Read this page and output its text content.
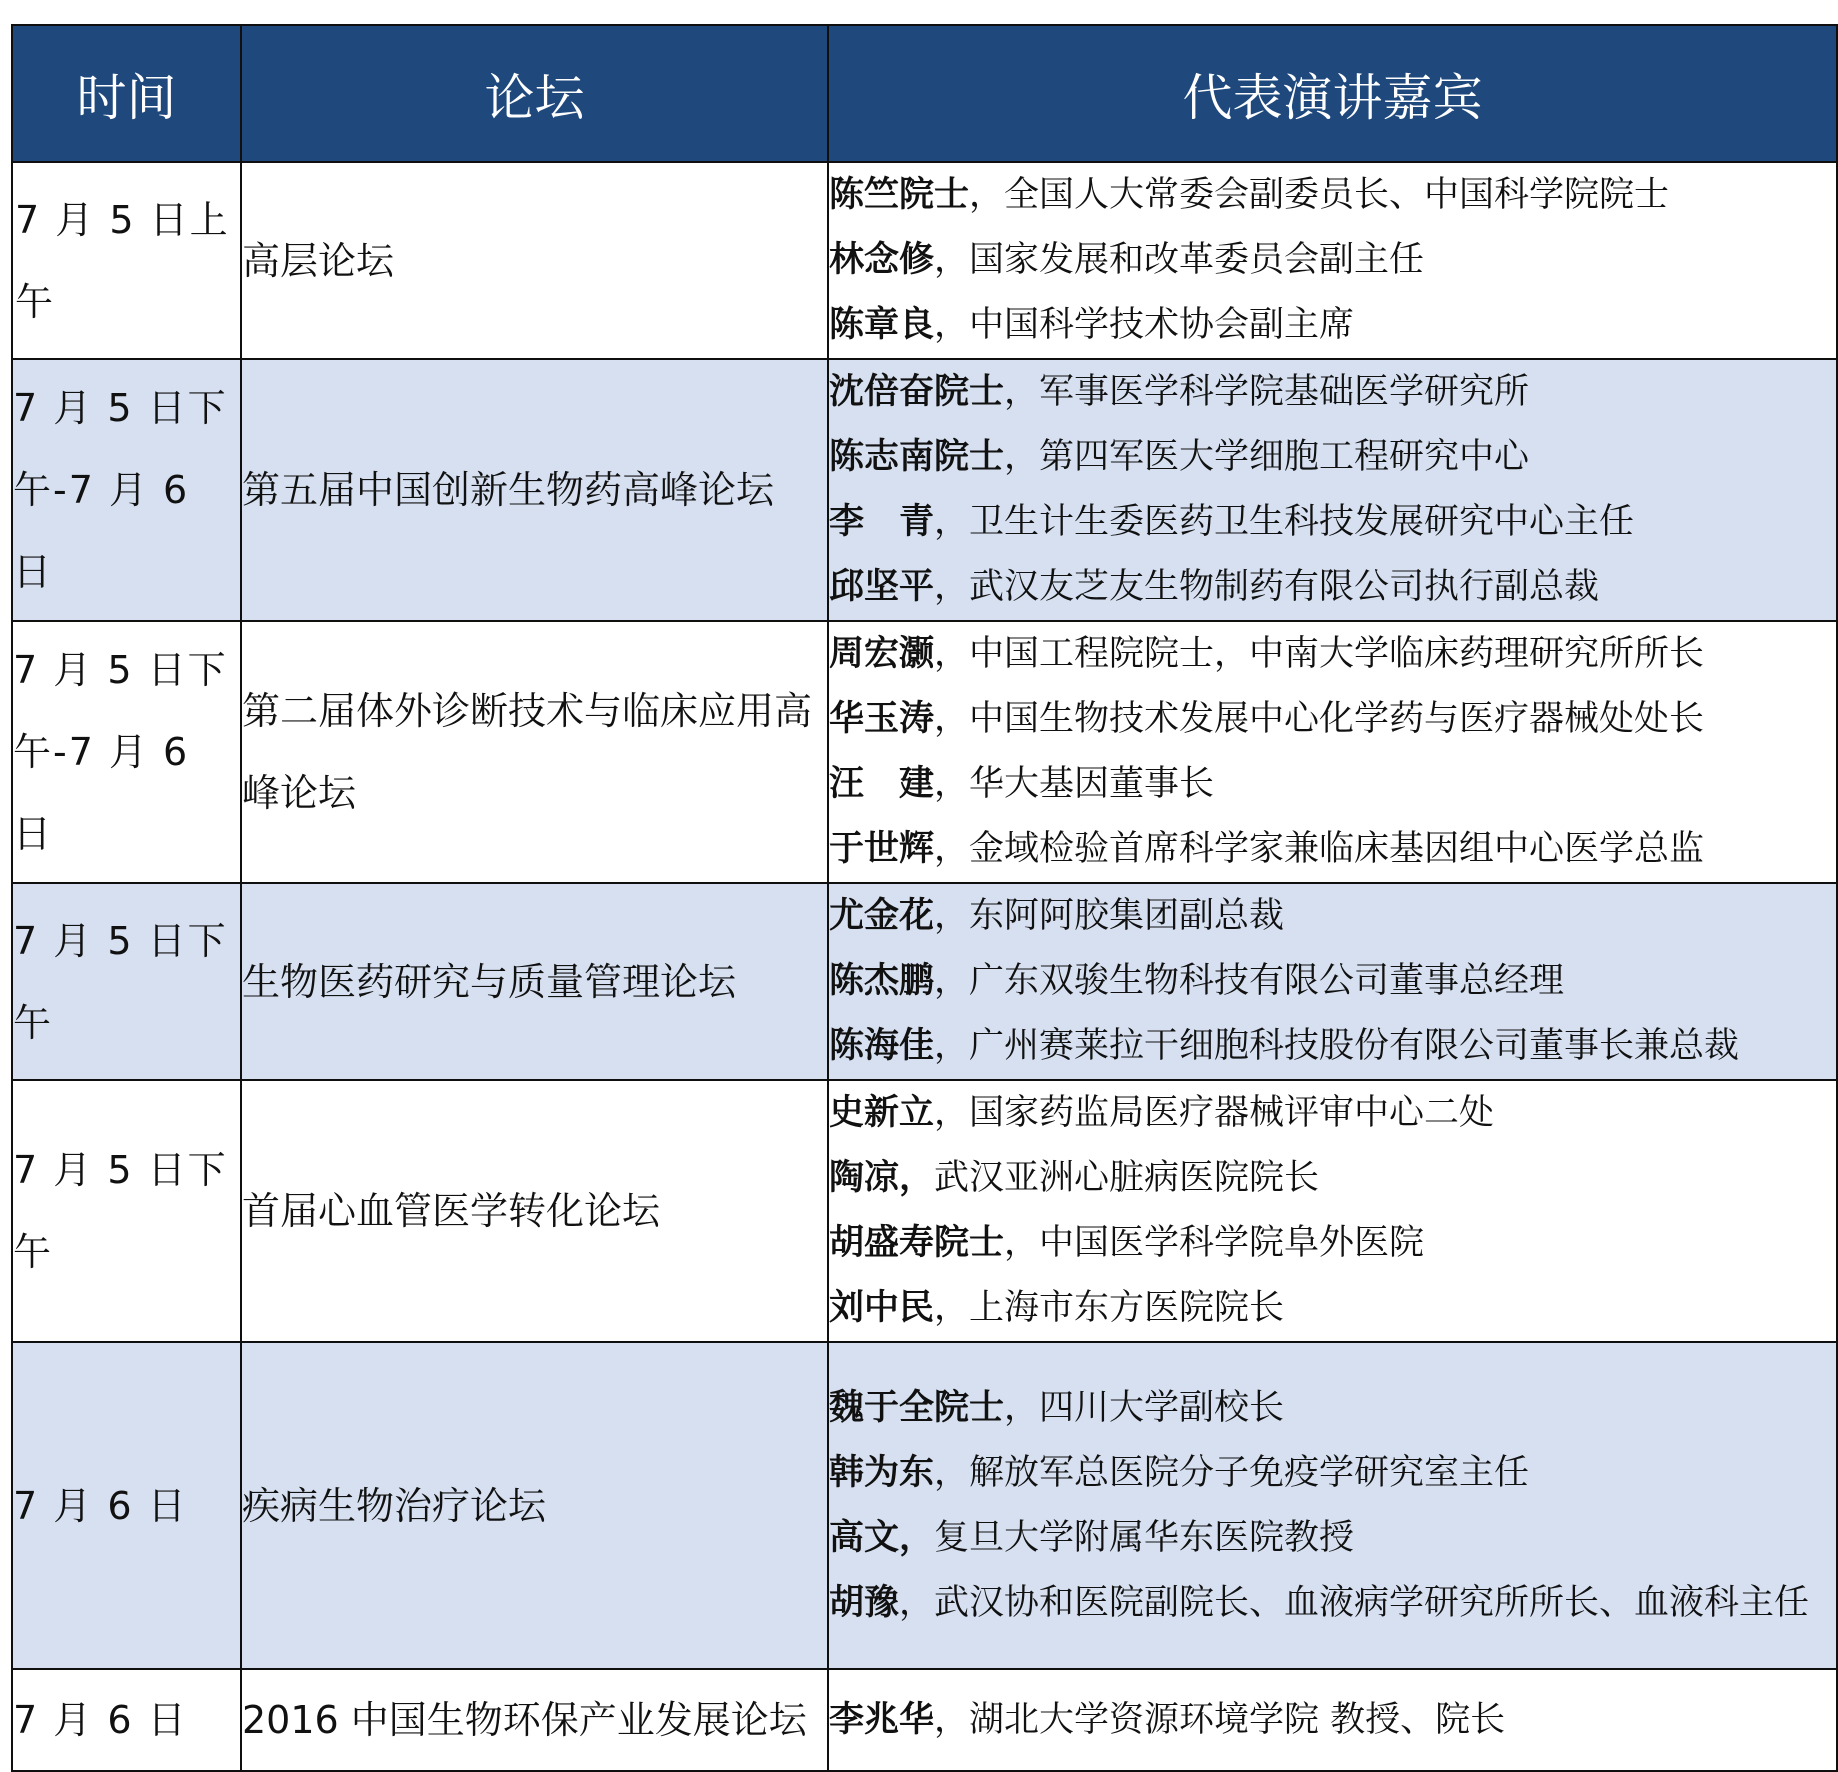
时间	论坛	代表演讲嘉宾
7 月 5 日上午	高层论坛	陈竺院士，全国人大常委会副委员长、中国科学院院士
林念修，国家发展和改革委员会副主任
陈章良，中国科学技术协会副主席

7 月 5 日下午-7 月 6 日	第五届中国创新生物药高峰论坛	沈倍奋院士，军事医学科学院基础医学研究所
陈志南院士，第四军医大学细胞工程研究中心
李　青，卫生计生委医药卫生科技发展研究中心主任
邱坚平，武汉友芝友生物制药有限公司执行副总裁

7 月 5 日下午-7 月 6 日	第二届体外诊断技术与临床应用高峰论坛	周宏灏，中国工程院院士，中南大学临床药理研究所所长
华玉涛，中国生物技术发展中心化学药与医疗器械处处长
汪　建，华大基因董事长
于世辉，金域检验首席科学家兼临床基因组中心医学总监

7 月 5 日下午	生物医药研究与质量管理论坛	尤金花，东阿阿胶集团副总裁
陈杰鹏，广东双骏生物科技有限公司董事总经理
陈海佳，广州赛莱拉干细胞科技股份有限公司董事长兼总裁

7 月 5 日下午	首届心血管医学转化论坛	史新立，国家药监局医疗器械评审中心二处
陶凉，武汉亚洲心脏病医院院长
胡盛寿院士，中国医学科学院阜外医院
刘中民，上海市东方医院院长

7 月 6 日	疾病生物治疗论坛	魏于全院士，四川大学副校长
韩为东，解放军总医院分子免疫学研究室主任
高文，复旦大学附属华东医院教授
胡豫，武汉协和医院副院长、血液病学研究所所长、血液科主任

7 月 6 日	2016 中国生物环保产业发展论坛	李兆华，湖北大学资源环境学院 教授、院长
